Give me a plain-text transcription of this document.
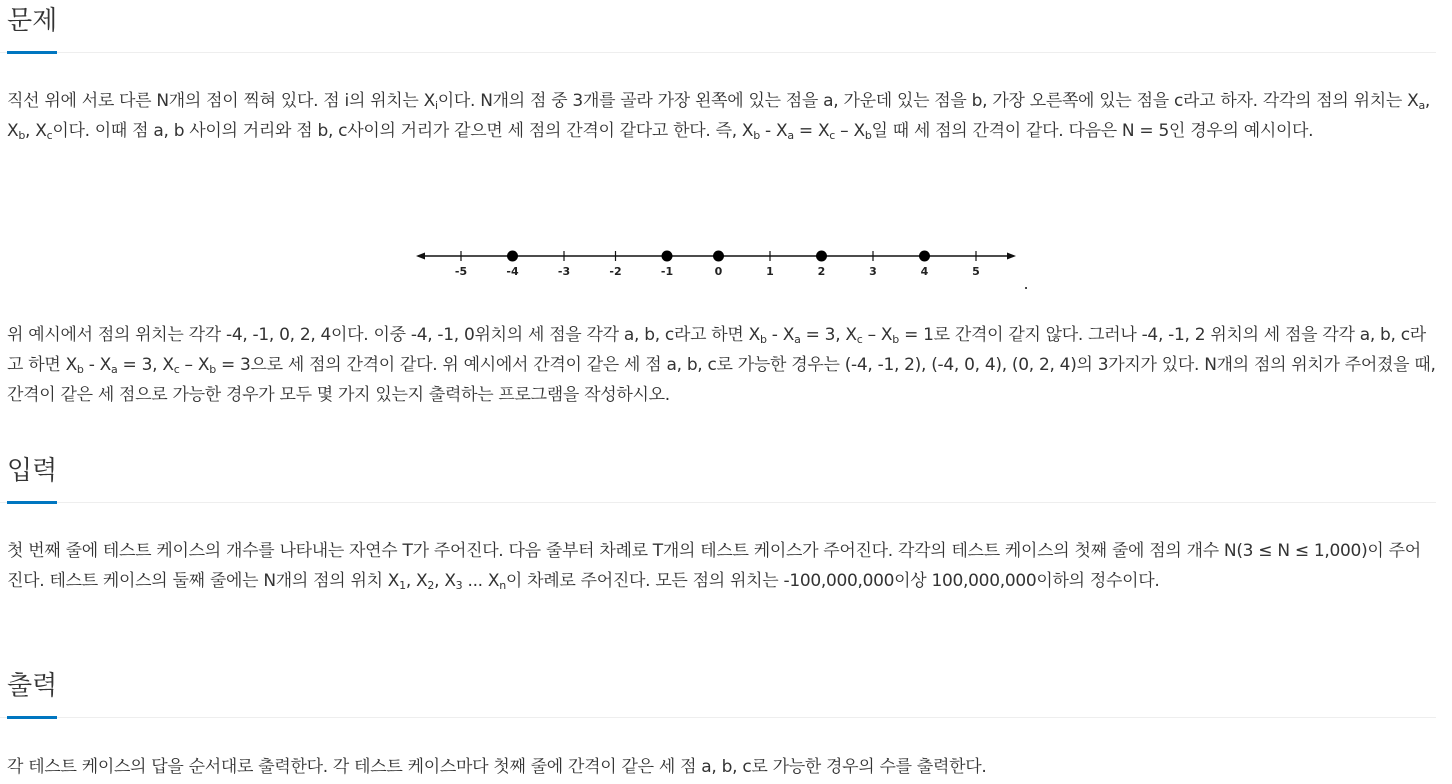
문제

직선 위에 서로 다른 N개의 점이 찍혀 있다. 점 i의 위치는 $X_i$이다. N개의 점 중 3개를 골라 가장 왼쪽에 있는 점을 a, 가운데 있는 점을 b, 가장 오른쪽에 있는 점을 c라고 하자. 각각의 점의 위치는 $X_a$, $X_b$, $X_c$이다. 이때 점 a, b 사이의 거리와 점 b, c사이의 거리가 같으면 세 점의 간격이 같다고 한다. 즉, $X_b - X_a = X_c - X_b$일 때 세 점의 간격이 같다. 다음은 N = 5인 경우의 예시이다.

-5	-4	-3	-2	-1	0	1	2	3	4	5
.

위 예시에서 점의 위치는 각각 -4, -1, 0, 2, 4이다. 이중 -4, -1, 0위치의 세 점을 각각 a, b, c라고 하면 $X_b - X_a = 3$, $X_c - X_b = 1$로 간격이 같지 않다. 그러나 -4, -1, 2 위치의 세 점을 각각 a, b, c라고 하면 $X_b - X_a = 3$, $X_c - X_b = 3$으로 세 점의 간격이 같다. 위 예시에서 간격이 같은 세 점 a, b, c로 가능한 경우는 (-4, -1, 2), (-4, 0, 4), (0, 2, 4)의 3가지가 있다. N개의 점의 위치가 주어졌을 때, 간격이 같은 세 점으로 가능한 경우가 모두 몇 가지 있는지 출력하는 프로그램을 작성하시오.

입력

첫 번째 줄에 테스트 케이스의 개수를 나타내는 자연수 T가 주어진다. 다음 줄부터 차례로 T개의 테스트 케이스가 주어진다. 각각의 테스트 케이스의 첫째 줄에 점의 개수 N(3 ≤ N ≤ 1,000)이 주어진다. 테스트 케이스의 둘째 줄에는 N개의 점의 위치 $X_1$, $X_2$, $X_3$ ... $X_n$이 차례로 주어진다. 모든 점의 위치는 -100,000,000이상 100,000,000이하의 정수이다.

출력

각 테스트 케이스의 답을 순서대로 출력한다. 각 테스트 케이스마다 첫째 줄에 간격이 같은 세 점 a, b, c로 가능한 경우의 수를 출력한다.
